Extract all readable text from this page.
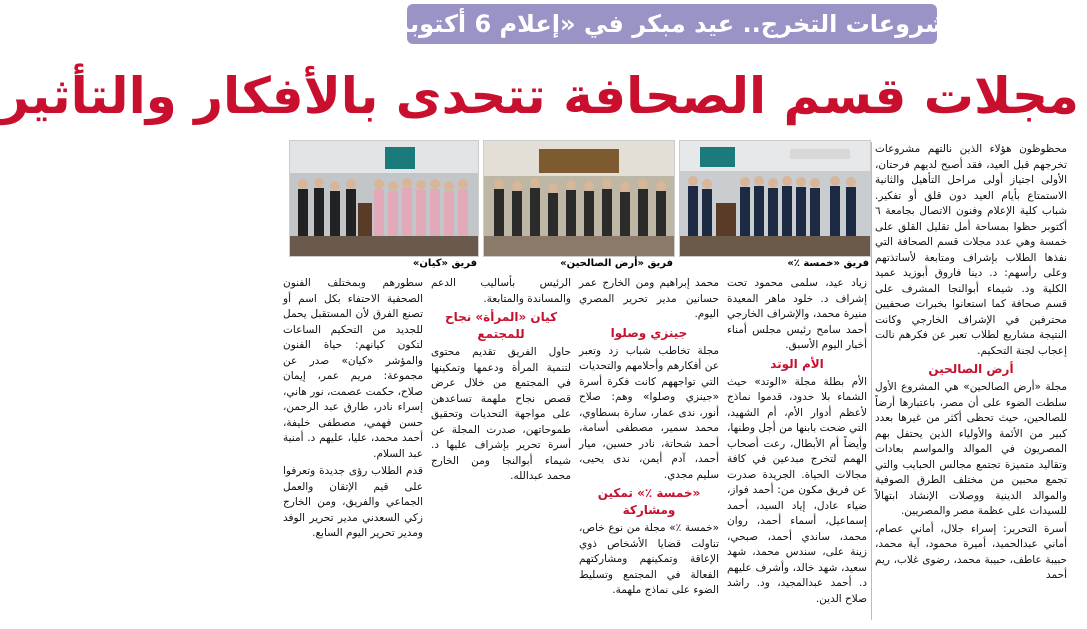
مشروعات التخرج.. عيد مبكر في «إعلام 6 أكتوبر»
مجلات قسم الصحافة تتحدى بالأفكار والتأثير
فريق «خمسة ٪»
فريق «أرض الصالحين»
فريق «كيان»

محظوظون هؤلاء الذين نالتهم مشروعات تخرجهم قبل العيد، فقد أصبح لديهم فرحتان، الأولى اجتياز أولى مراحل التأهيل والثانية الاستمتاع بأيام العيد دون قلق أو تفكير. شباب كلية الإعلام وفنون الاتصال بجامعة ٦ أكتوبر حظوا بمساحة أمل تقليل القلق على خمسة وهي عدد مجلات قسم الصحافة التي نفذها الطلاب بإشراف ومتابعة لأساتذتهم وعلى رأسهم: د. دينا فاروق أبوزيد عميد الكلية ود. شيماء أبوالنجا المشرف على قسم صحافة كما استعانوا بخبرات صحفيين محترفين في الإشراف الخارجي وكانت النتيجة مشاريع لطلاب تعبر عن فكرهم نالت إعجاب لجنة التحكيم.

أرض الصالحين

مجلة «أرض الصالحين» هي المشروع الأول سلطت الضوء على أن مصر، باعتبارها أرضاً للصالحين، حيث تحظى أكثر من غيرها بعدد كبير من الأئمة والأولياء الذين يحتفل بهم المصريون في الموالد والمواسم بعادات وتقاليد متميزة تجتمع مجالس الحبايب والتي تجمع محبين من مختلف الطرق الصوفية والموالد الدينية ووصلات الإنشاد ابتهالاً للسيدات على عظمة مصر والمصريين.

أسرة التحرير: إسراء جلال، أماني عصام، أماني عبدالحميد، أميرة محمود، آية محمد، حبيبة عاطف، حبيبة محمد، رضوى غلاب، ريم أحمد

زياد عيد، سلمى محمود تحت إشراف د. خلود ماهر المعيدة منيرة محمد، والإشراف الخارجي أحمد سامح رئيس مجلس أمناء أخبار اليوم الأسبق.

الأم الوتد

الأم بطلة مجلة «الوتد» حيث الشماء بلا حدود، قدموا نماذج لأعظم أدوار الأم، أم الشهيد، التي ضحت بابنها من أجل وطنها، وأيضاً أم الأبطال، رعت أصحاب الهمم لتخرج مبدعين في كافة مجالات الحياة. الجريدة صدرت عن فريق مكون من: أحمد فواز، ضياء عادل، إياد السيد، أحمد إسماعيل، أسماء أحمد، روان محمد، ساندي أحمد، صبحي، زينة على، سندس محمد، شهد سعيد، شهد خالد، وأشرف عليهم د. أحمد عبدالمجيد، ود. راشد صلاح الدين.

محمد إبراهيم ومن الخارج عمر حسانين مدير تحرير المصري اليوم.

جينزي وصلوا

مجلة تخاطب شباب زد وتعبر عن أفكارهم وأحلامهم والتحديات التي تواجههم كانت فكرة أسرة «جينزي وصلوا» وهم: صلاح أنور، ندى عمار، سارة بسطاوي، محمد سمير، مصطفى أسامة، أحمد شحاتة، نادر حسين، ميار أحمد، آدم أيمن، ندى يحيى، سليم مجدي.

«خمسة ٪» تمكين ومشاركة

«خمسة ٪» مجلة من نوع خاص، تناولت قضايا الأشخاص ذوي الإعاقة وتمكينهم ومشاركتهم الفعالة في المجتمع وتسليط الضوء على نماذج ملهمة.

الرئيس بأساليب الدعم والمساندة والمتابعة.

كيان «المرأة» نجاح للمجتمع

حاول الفريق تقديم محتوى لتنمية المرأة ودعمها وتمكينها في المجتمع من خلال عرض قصص نجاح ملهمة تساعدهن على مواجهة التحديات وتحقيق طموحاتهن، صدرت المجلة عن أسرة تحرير بإشراف عليها د. شيماء أبوالنجا ومن الخارج محمد عبدالله.

سطورهم وبمختلف الفنون الصحفية الاحتفاء بكل اسم أو تصنع الفرق لأن المستقبل يحمل للجديد من التحكيم الساعات لتكون كيانهم: حياة الفنون والمؤشر «كيان» صدر عن مجموعة: مريم عمر، إيمان صلاح، حكمت عصمت، نور هاني، إسراء نادر، طارق عبد الرحمن، حسن فهمي، مصطفى خليفة، أحمد محمد، عليا، عليهم د. أمنية عبد السلام.

قدم الطلاب رؤى جديدة وتعرفوا على قيم الإتقان والعمل الجماعي والفريق، ومن الخارج زكي السعدني مدير تحرير الوفد ومدير تحرير اليوم السابع.
